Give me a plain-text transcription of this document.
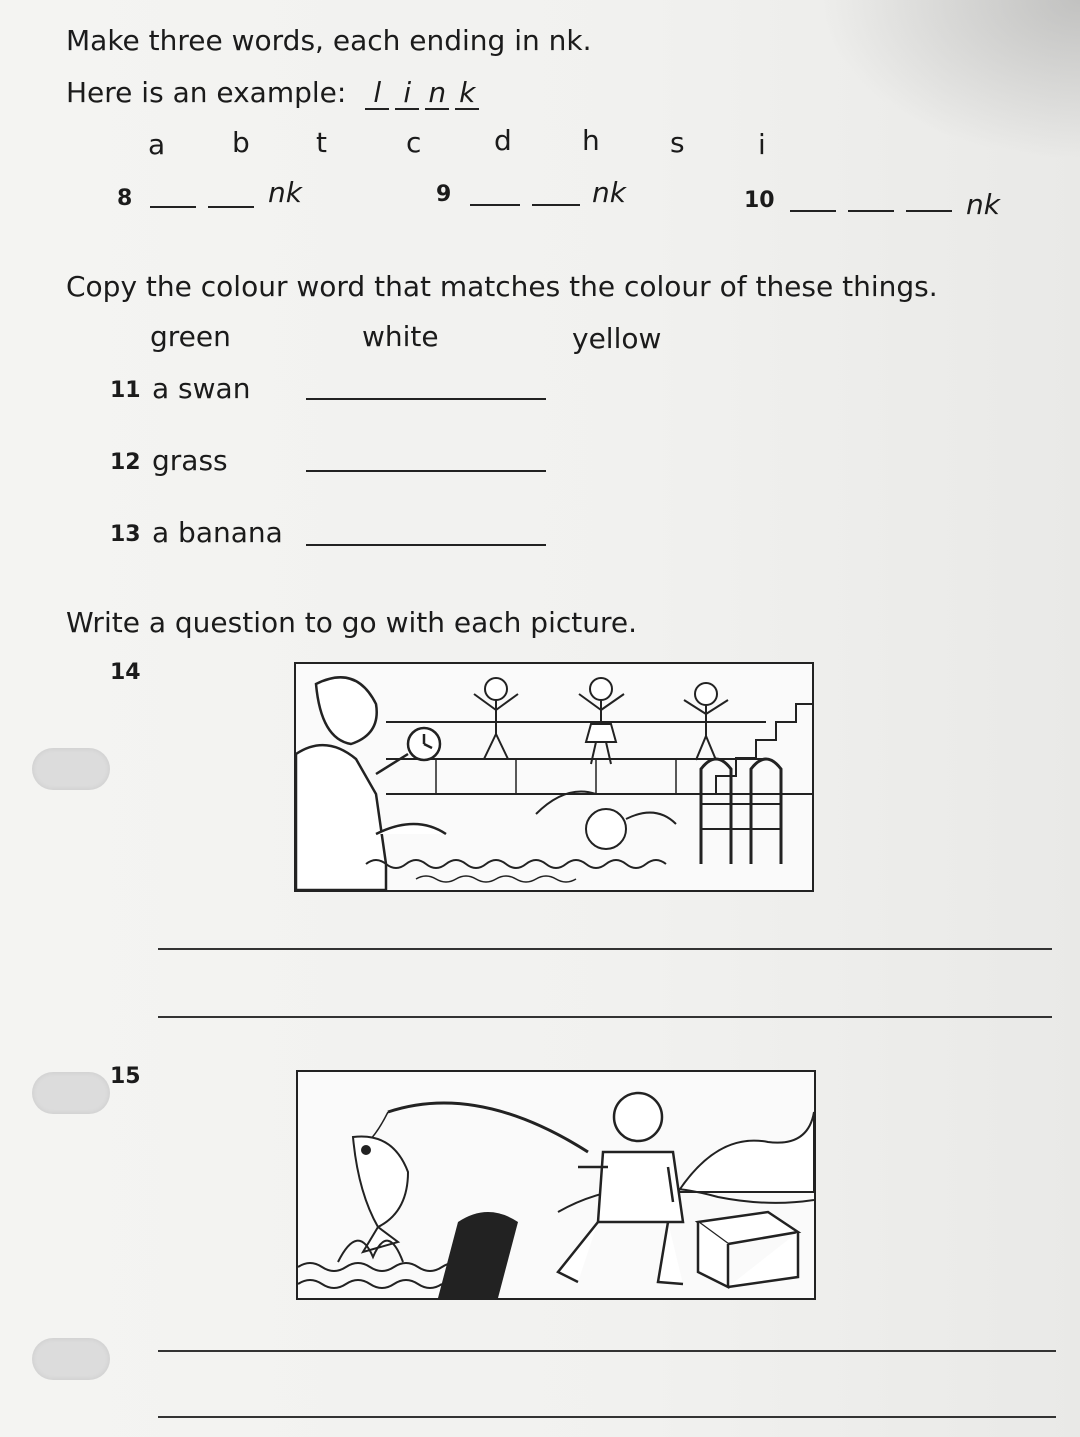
Make three words, each ending in nk.
Here is an example: l i n k
a b t	c	d	h	s	i
8	nk	9	nk	10	nk
Copy the colour word that matches the colour of these things.
green	white	yellow
11 a swan
12 grass
13 a banana
Write a question to go with each picture.
14
15
